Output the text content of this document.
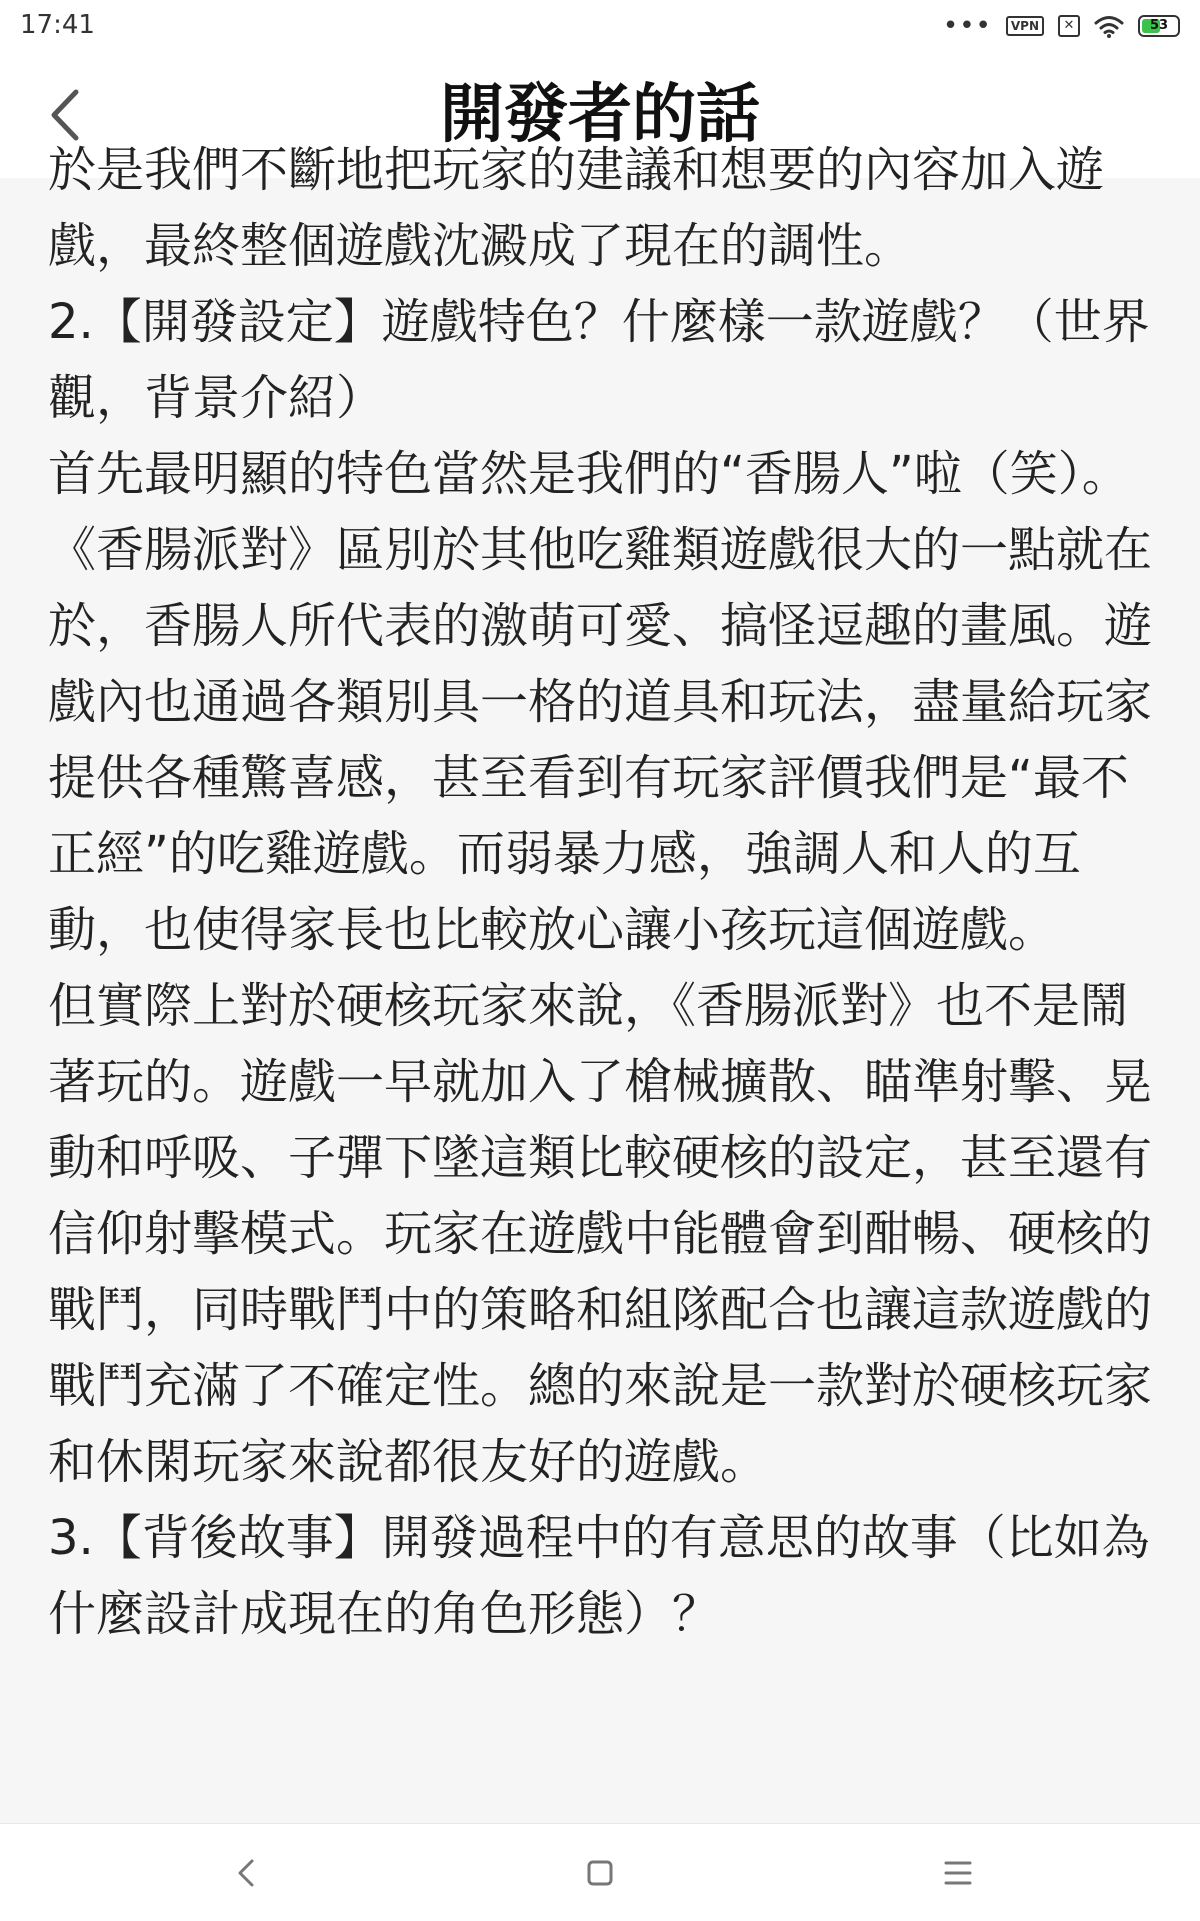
17:41	•••	VPN	✕	53
開發者的話

於是我們不斷地把玩家的建議和想要的內容加入遊戲，最終整個遊戲沈澱成了現在的調性。

2.【開發設定】遊戲特色？什麼樣一款遊戲？（世界觀，背景介紹）

首先最明顯的特色當然是我們的“香腸人”啦（笑）。《香腸派對》區別於其他吃雞類遊戲很大的一點就在於，香腸人所代表的激萌可愛、搞怪逗趣的畫風。遊戲內也通過各類別具一格的道具和玩法，盡量給玩家提供各種驚喜感，甚至看到有玩家評價我們是“最不正經”的吃雞遊戲。而弱暴力感，強調人和人的互動，也使得家長也比較放心讓小孩玩這個遊戲。

但實際上對於硬核玩家來說，《香腸派對》也不是鬧著玩的。遊戲一早就加入了槍械擴散、瞄準射擊、晃動和呼吸、子彈下墜這類比較硬核的設定，甚至還有信仰射擊模式。玩家在遊戲中能體會到酣暢、硬核的戰鬥，同時戰鬥中的策略和組隊配合也讓這款遊戲的戰鬥充滿了不確定性。總的來說是一款對於硬核玩家和休閑玩家來說都很友好的遊戲。

3.【背後故事】開發過程中的有意思的故事（比如為什麼設計成現在的角色形態）？
